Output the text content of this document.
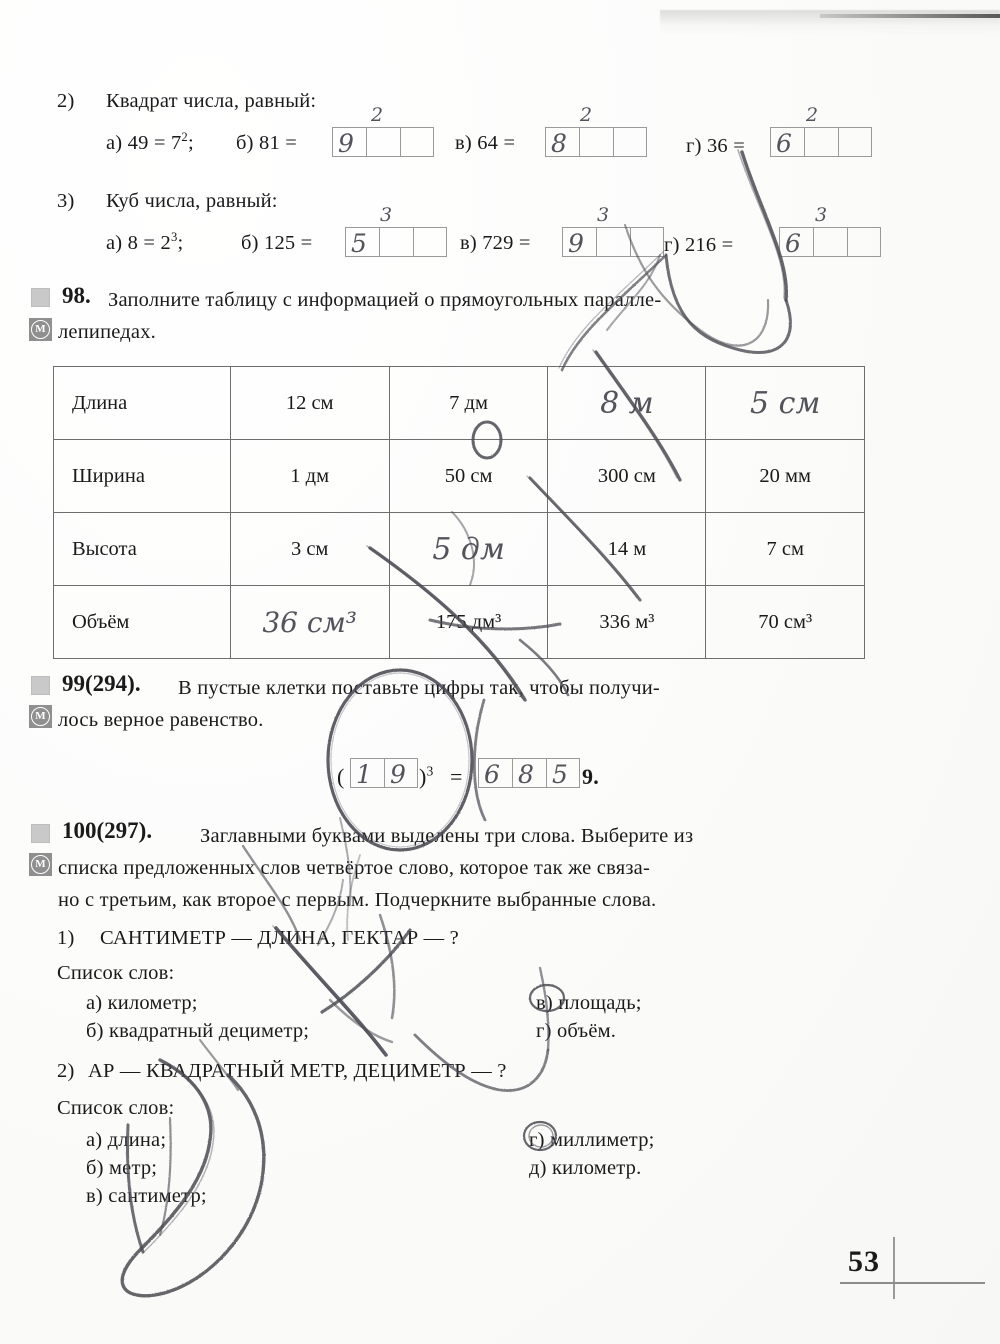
2) Квадрат числа, равный:
а) $49 = 7^2$; б) 81 = 9
2
в) 64 = 8
2
г) 36 = 6
2
3) Куб числа, равный:
а) $8 = 2^3$;	б) 125 = 5
3
в) 729 = 9
3
г) 216 = 6
3
98. Заполните таблицу с информацией о прямоугольных паралле-
М лепипедах.
Длина	12 см	7 дм	8 м	5 см
Ширина	1 дм	50 см	300 см	20 мм
Высота	3 см	5 дм	14 м	7 см
Объём	36 см³	175 дм³	336 м³	70 см³
99(294). В пустые клетки поставьте цифры так, чтобы получи-
М лось верное равенство.
( 1 9 )$^3$ = 6 8 5 9.
100(297). Заглавными буквами выделены три слова. Выберите из
М списка предложенных слов четвёртое слово, которое так же связа-
но с третьим, как второе с первым. Подчеркните выбранные слова.
1) САНТИМЕТР — ДЛИНА, ГЕКТАР — ?
Список слов:
а) километр;
б) квадратный дециметр;
в) площадь;
г) объём.
2) АР — КВАДРАТНЫЙ МЕТР, ДЕЦИМЕТР — ?
Список слов:
а) длина;
б) метр;
в) сантиметр;
г) миллиметр;
д) километр.
53
